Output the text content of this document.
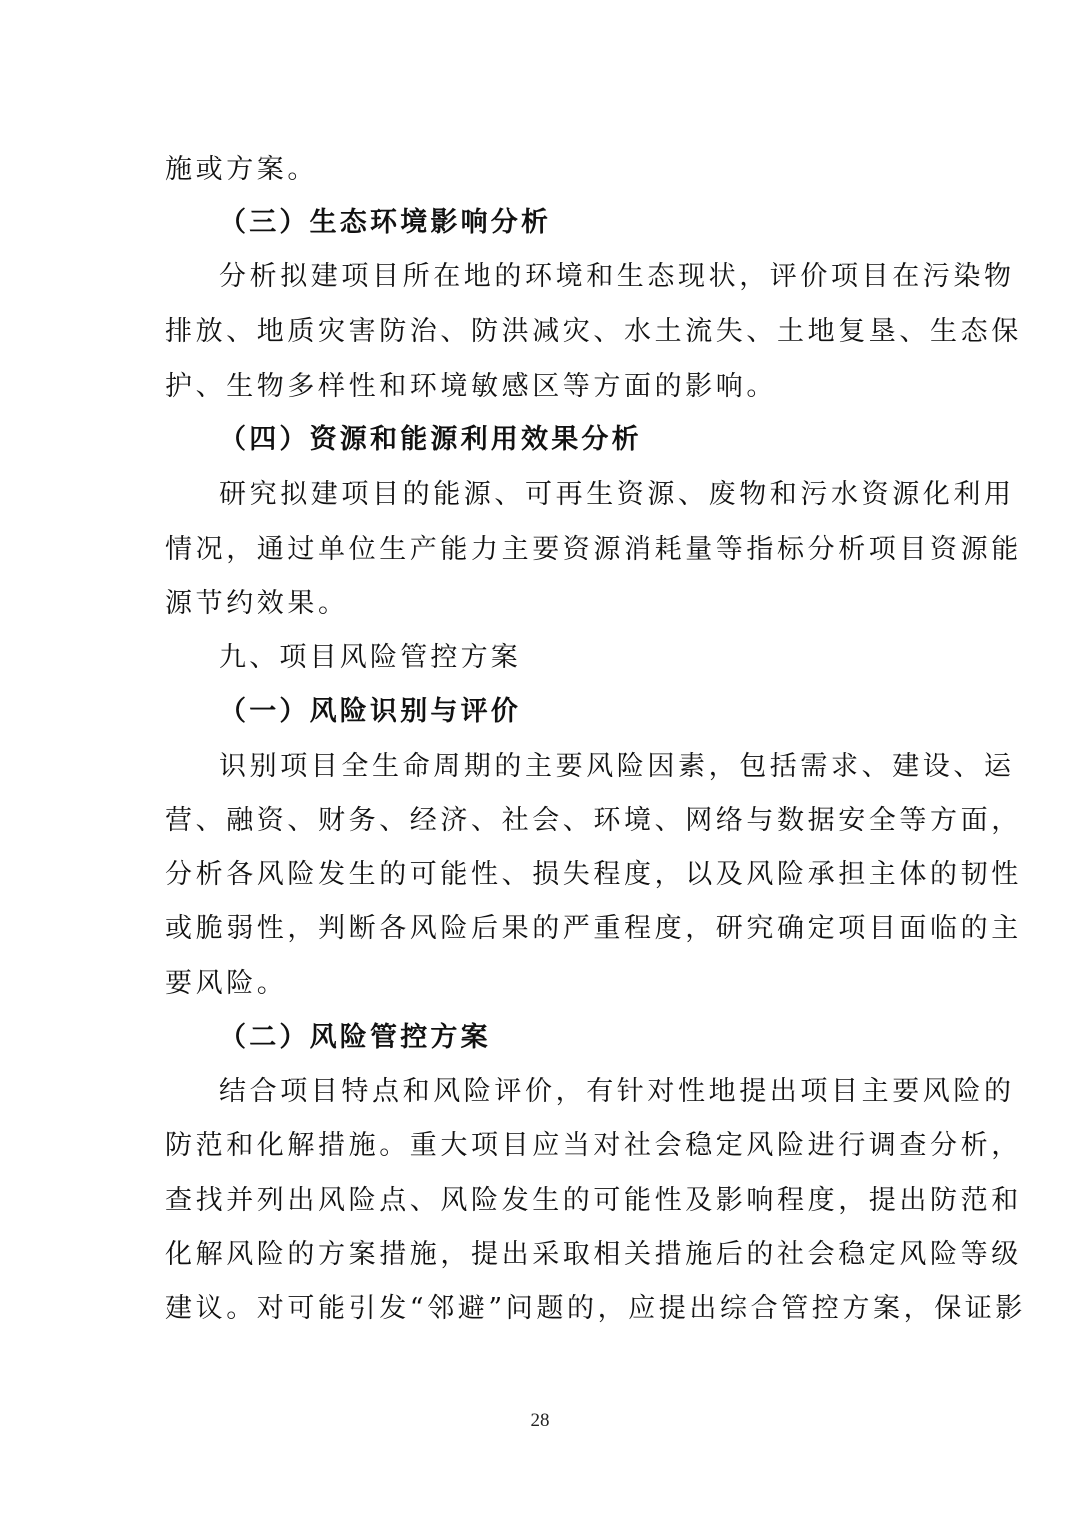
施或方案。
（三）生态环境影响分析
分析拟建项目所在地的环境和生态现状，评价项目在污染物
排放、地质灾害防治、防洪减灾、水土流失、土地复垦、生态保
护、生物多样性和环境敏感区等方面的影响。
（四）资源和能源利用效果分析
研究拟建项目的能源、可再生资源、废物和污水资源化利用
情况，通过单位生产能力主要资源消耗量等指标分析项目资源能
源节约效果。
九、项目风险管控方案
（一）风险识别与评价
识别项目全生命周期的主要风险因素，包括需求、建设、运
营、融资、财务、经济、社会、环境、网络与数据安全等方面，
分析各风险发生的可能性、损失程度，以及风险承担主体的韧性
或脆弱性，判断各风险后果的严重程度，研究确定项目面临的主
要风险。
（二）风险管控方案
结合项目特点和风险评价，有针对性地提出项目主要风险的
防范和化解措施。重大项目应当对社会稳定风险进行调查分析，
查找并列出风险点、风险发生的可能性及影响程度，提出防范和
化解风险的方案措施，提出采取相关措施后的社会稳定风险等级
建议。对可能引发“邻避”问题的，应提出综合管控方案，保证影
28
